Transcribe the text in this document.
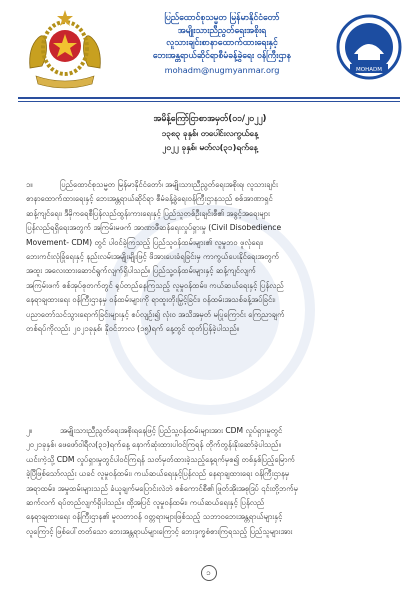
ပြည်ထောင်စုသမ္မတ မြန်မာနိုင်ငံတော်
အမျိုးသားညီညွတ်ရေးအစိုးရ
လူသားချင်းစာနာထောက်ထားရေးနှင့်
ဘေးအန္တရာယ်ဆိုင်ရာစီမံခန့်ခွဲရေး ဝန်ကြီးဌာန
mohadm@nugmyanmar.org	MOHADM
အမိန့်ကြော်ငြာစာအမှတ်(၀၁/၂၀၂၂)
၁၃၈၃ ခုနှစ်၊ တပေါင်းလကွယ်နေ့
၂၀၂၂ ခုနှစ်၊ မတ်လ(၃၁)ရက်နေ့
၁။	ပြည်ထောင်စုသမ္မတ မြန်မာနိုင်ငံတော်၊ အမျိုးသားညီညွတ်ရေးအစိုးရ၊ လူသားချင်း
စာနာထောက်ထားရေးနှင့် ဘေးအန္တရာယ်ဆိုင်ရာ စီမံခန့်ခွဲရေးဝန်ကြီးဌာနသည် စစ်အာဏာရှင်
ဆန့်ကျင်ရေး၊ ဒီမိုကရေစီပြန်လည်ထွန်းကားရေးနှင့် ပြည်သူတစ်ဦးချင်းစီ၏ အခွင့်အရေးများ
ပြန်လည်ရရှိရေးအတွက် အကြမ်းမဖက် အာဏာဖီဆန်ရေးလှုပ်ရှားမှု (Civil Disobedience
Movement- CDM) တွင် ပါဝင်ခဲ့ကြသည့် ပြည်သူဝန်ထမ်းများ၏ လူမှုဘဝ ဖူလုံရေး၊
ဘေးကင်းလုံခြုံရေးနှင့် နည်းလမ်းအမျိုးမျိုးဖြင့် ဖိအားပေးခံရခြင်းမှ ကာကွယ်ပေးနိုင်ရေးအတွက်
အထူး အလေးထားဆောင်ရွက်လျက်ရှိပါသည်။ ပြည်သူ့ဝန်ထမ်းများနှင့် ဆန့်ကျင်လျက်
အကြမ်းဖက် စစ်အုပ်စုတက်တွင် ရုပ်တည်နေကြသည့် လူမှုဝန်ထမ်း၊ ကယ်ဆယ်ရေးနှင့် ပြန်လည်
နေရာချထားရေး ဝန်ကြီးဌာနမှ ဝန်ထမ်းများကို ရာထူးတိုးမြှင့်ခြင်း၊ ဝန်ထမ်းအသစ်ခန့်အပ်ခြင်း၊
ပညာတော်သင်သွားရောက်ခြင်းများနှင့် စပ်လျဉ်း၍ လုံးဝ အသိအမှတ် မပြုကြောင်း ကြေညာချက်
တစ်ရပ်ကိုလည်း ၂၀၂၁ခုနှစ်၊ နိုဝင်ဘာလ (၁၅)ရက် နေ့တွင် ထုတ်ပြန်ခဲ့ပါသည်။
၂။	အမျိုးသားညီညွတ်ရေးအစိုးရနေဖြင့် ပြည်သူ့ဝန်ထမ်းများအား CDM လှုပ်ရှားမှုတွင်
၂၀၂၁ခုနှစ်၊ ဖေဖော်ဝါရီလ(၃၁)ရက်နေ့ နောက်ဆုံးထားပါဝင်ကြရန် တိုက်တွန်းနိုးဆော်ခဲ့ပါသည်။
ယင်းကဲ့သို့ CDM လှုပ်ရှားမှုတွင်ပါဝင်ကြရန် သတ်မှတ်ထားခဲ့သည့်နေ့ရက်မှစ၍ တစ်နှစ်ပြည့်မြောက်
ခဲ့ပြီဖြစ်သော်လည်း ယခင် လူမှုဝန်ထမ်း၊ ကယ်ဆယ်ရေးနှင့်ပြန်လည် နေရာချထားရေး ဝန်ကြီးဌာနမှ
အရာထမ်း၊ အမှုထမ်းများသည် ခံယူချက်မပြောင်းလဲဘဲ စစ်ကောင်စီ၏ ဖြုတ်အိုးအစုဒြပ် ၎င်းတို့ဘက်မှ
ဆက်လက် ရပ်တည်လျက်ရှိပါသည်။ ထို့အပြင် လူမှုဝန်ထမ်း၊ ကယ်ဆယ်ရေးနှင့် ပြန်လည်
နေရာချထားရေး ဝန်ကြီးဌာန၏ မူလတာဝန် ဝတ္တရားများဖြစ်သည့် သဘာဝဘေးအန္တရာယ်များနှင့်
လူကြောင့် ဖြစ်ပေါ်တတ်သော ဘေးအန္တရာယ်များကြောင့် ဘေးဒုက္ခစံစားကြရသည့် ပြည်သူများအား
၁
